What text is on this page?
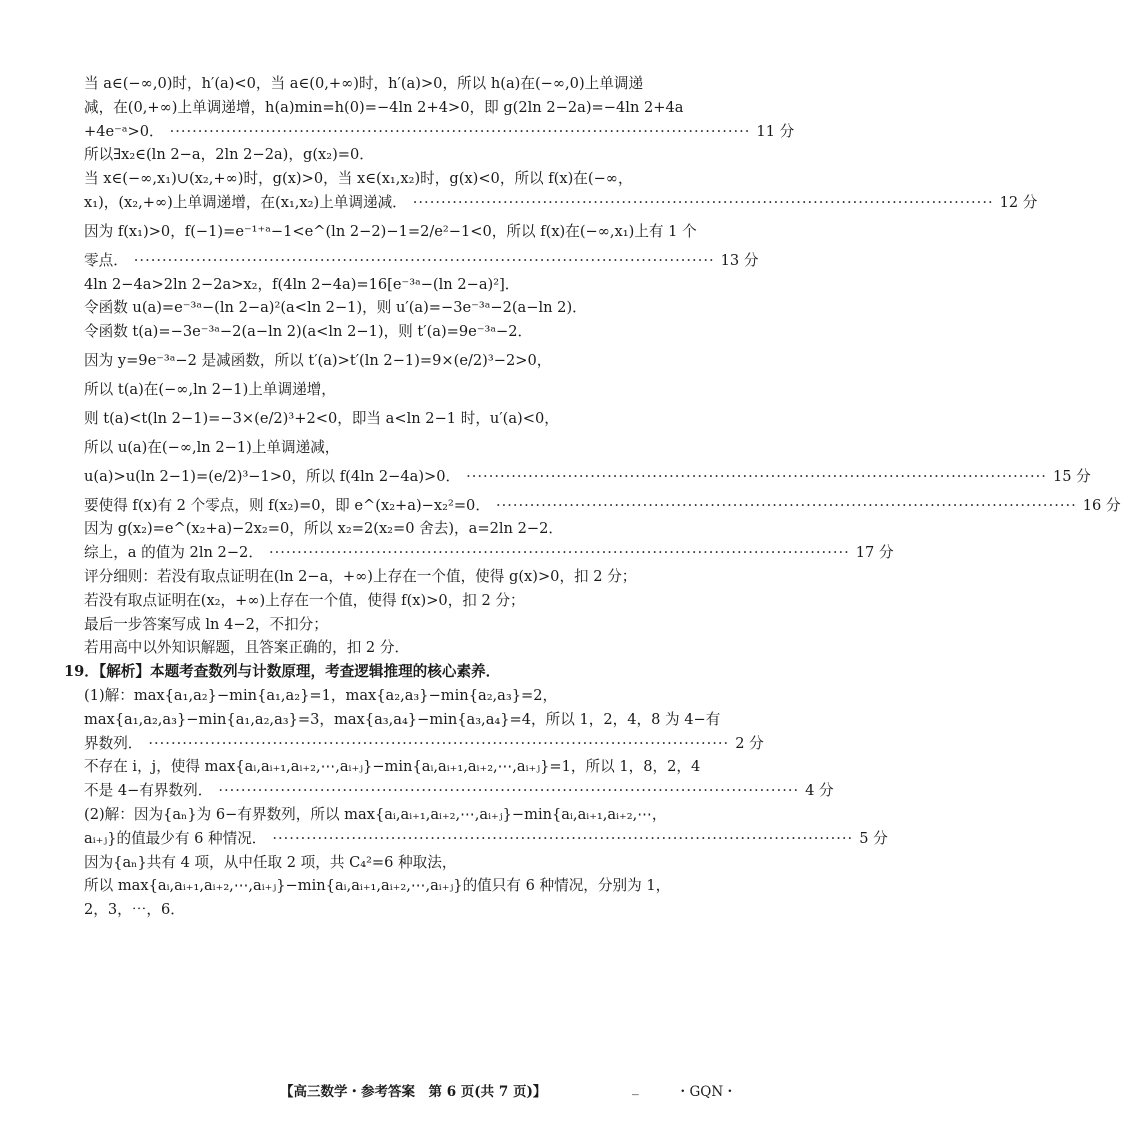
当 a∈(−∞,0)时，h′(a)<0，当 a∈(0,+∞)时，h′(a)>0，所以 h(a)在(−∞,0)上单调递
减，在(0,+∞)上单调递增，h(a)min=h(0)=−4ln 2+4>0，即 g(2ln 2−2a)=−4ln 2+4a
+4e⁻ᵃ>0． ······································································································· 11 分
所以∃x₂∈(ln 2−a，2ln 2−2a)，g(x₂)=0．
当 x∈(−∞,x₁)∪(x₂,+∞)时，g(x)>0，当 x∈(x₁,x₂)时，g(x)<0，所以 f(x)在(−∞，
x₁)，(x₂,+∞)上单调递增，在(x₁,x₂)上单调递减． ······································································································· 12 分
因为 f(x₁)>0，f(−1)=e⁻¹⁺ᵃ−1<e^(ln 2−2)−1=2/e²−1<0，所以 f(x)在(−∞,x₁)上有 1 个
零点． ······································································································· 13 分
4ln 2−4a>2ln 2−2a>x₂，f(4ln 2−4a)=16[e⁻³ᵃ−(ln 2−a)²]．
令函数 u(a)=e⁻³ᵃ−(ln 2−a)²(a<ln 2−1)，则 u′(a)=−3e⁻³ᵃ−2(a−ln 2)．
令函数 t(a)=−3e⁻³ᵃ−2(a−ln 2)(a<ln 2−1)，则 t′(a)=9e⁻³ᵃ−2．
因为 y=9e⁻³ᵃ−2 是减函数，所以 t′(a)>t′(ln 2−1)=9×(e/2)³−2>0，
所以 t(a)在(−∞,ln 2−1)上单调递增，
则 t(a)<t(ln 2−1)=−3×(e/2)³+2<0，即当 a<ln 2−1 时，u′(a)<0，
所以 u(a)在(−∞,ln 2−1)上单调递减，
u(a)>u(ln 2−1)=(e/2)³−1>0，所以 f(4ln 2−4a)>0． ······································································································· 15 分
要使得 f(x)有 2 个零点，则 f(x₂)=0，即 e^(x₂+a)−x₂²=0． ······································································································· 16 分
因为 g(x₂)=e^(x₂+a)−2x₂=0，所以 x₂=2(x₂=0 舍去)，a=2ln 2−2．
综上，a 的值为 2ln 2−2． ······································································································· 17 分
评分细则：若没有取点证明在(ln 2−a，+∞)上存在一个值，使得 g(x)>0，扣 2 分；
若没有取点证明在(x₂，+∞)上存在一个值，使得 f(x)>0，扣 2 分；
最后一步答案写成 ln 4−2，不扣分；
若用高中以外知识解题，且答案正确的，扣 2 分．
19．【解析】本题考查数列与计数原理，考查逻辑推理的核心素养．
(1)解：max{a₁,a₂}−min{a₁,a₂}=1，max{a₂,a₃}−min{a₂,a₃}=2，
max{a₁,a₂,a₃}−min{a₁,a₂,a₃}=3，max{a₃,a₄}−min{a₃,a₄}=4，所以 1，2，4，8 为 4−有
界数列． ······································································································· 2 分
不存在 i，j，使得 max{aᵢ,aᵢ₊₁,aᵢ₊₂,⋯,aᵢ₊ⱼ}−min{aᵢ,aᵢ₊₁,aᵢ₊₂,⋯,aᵢ₊ⱼ}=1，所以 1，8，2，4
不是 4−有界数列． ······································································································· 4 分
(2)解：因为{aₙ}为 6−有界数列，所以 max{aᵢ,aᵢ₊₁,aᵢ₊₂,⋯,aᵢ₊ⱼ}−min{aᵢ,aᵢ₊₁,aᵢ₊₂,⋯，
aᵢ₊ⱼ}的值最少有 6 种情况． ······································································································· 5 分
因为{aₙ}共有 4 项，从中任取 2 项，共 C₄²=6 种取法，
所以 max{aᵢ,aᵢ₊₁,aᵢ₊₂,⋯,aᵢ₊ⱼ}−min{aᵢ,aᵢ₊₁,aᵢ₊₂,⋯,aᵢ₊ⱼ}的值只有 6 种情况，分别为 1，
2，3，⋯，6．
【高三数学・参考答案　第 6 页(共 7 页)】	_	・GQN・
